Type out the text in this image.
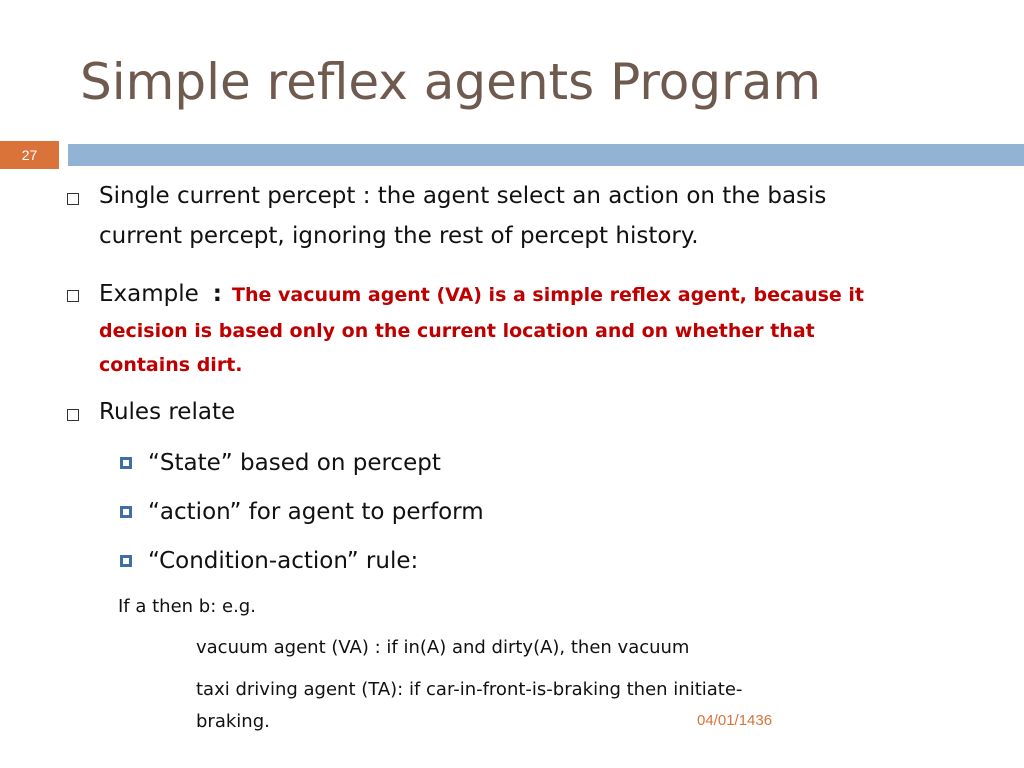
Simple reflex agents Program
27
Single current percept : the agent select an action on the basis
current percept, ignoring the rest of percept history.
Example : The vacuum agent (VA) is a simple reflex agent, because it
decision is based only on the current location and on whether that
contains dirt.
Rules relate
“State” based on percept
“action” for agent to perform
“Condition-action” rule:
If a then b: e.g.
vacuum agent (VA) : if in(A) and dirty(A), then vacuum
taxi driving agent (TA): if car-in-front-is-braking then initiate-
braking.	04/01/1436
